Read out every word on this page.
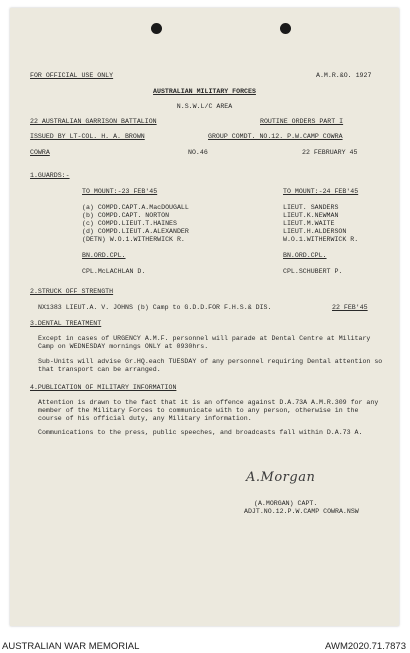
FOR OFFICIAL USE ONLY	A.M.R.&O. 1927
AUSTRALIAN MILITARY FORCES
N.S.W.L/C AREA
22 AUSTRALIAN GARRISON BATTALION	ROUTINE ORDERS PART I
ISSUED BY LT-COL. H. A. BROWN	GROUP COMDT. NO.12. P.W.CAMP COWRA
COWRA	NO.46	22 FEBRUARY 45
1.GUARDS:-
TO MOUNT:-23 FEB'45
(a) COMPD.CAPT.A.MacDOUGALL
(b) COMPD.CAPT. NORTON
(c) COMPD.LIEUT.T.HAINES
(d) COMPD.LIEUT.A.ALEXANDER
(DETN) W.O.1.WITHERWICK R.
BN.ORD.CPL.
CPL.McLACHLAN D.
TO MOUNT:-24 FEB'45
LIEUT. SANDERS
LIEUT.K.NEWMAN
LIEUT.M.WAITE
LIEUT.H.ALDERSON
W.O.1.WITHERWICK R.
BN.ORD.CPL.
CPL.SCHUBERT P.
2.STRUCK OFF STRENGTH
NX1383 LIEUT.A. V. JOHNS (b) Camp to G.D.D.FOR F.H.S.& DIS.	22 FEB'45
3.DENTAL TREATMENT
Except in cases of URGENCY A.M.F. personnel will parade at Dental Centre at Military Camp on WEDNESDAY mornings ONLY at 0930hrs.
Sub-Units will advise Gr.HQ.each TUESDAY of any personnel requiring Dental attention so that transport can be arranged.
4.PUBLICATION OF MILITARY INFORMATION
Attention is drawn to the fact that it is an offence against D.A.73A A.M.R.309 for any member of the Military Forces to communicate with to any person, otherwise in the course of his official duty, any Military information.
Communications to the press, public speeches, and broadcasts fall within D.A.73 A.
A.Morgan
(A.MORGAN) CAPT.
ADJT.NO.12.P.W.CAMP COWRA.NSW
AUSTRALIAN WAR MEMORIAL	AWM2020.71.7873
